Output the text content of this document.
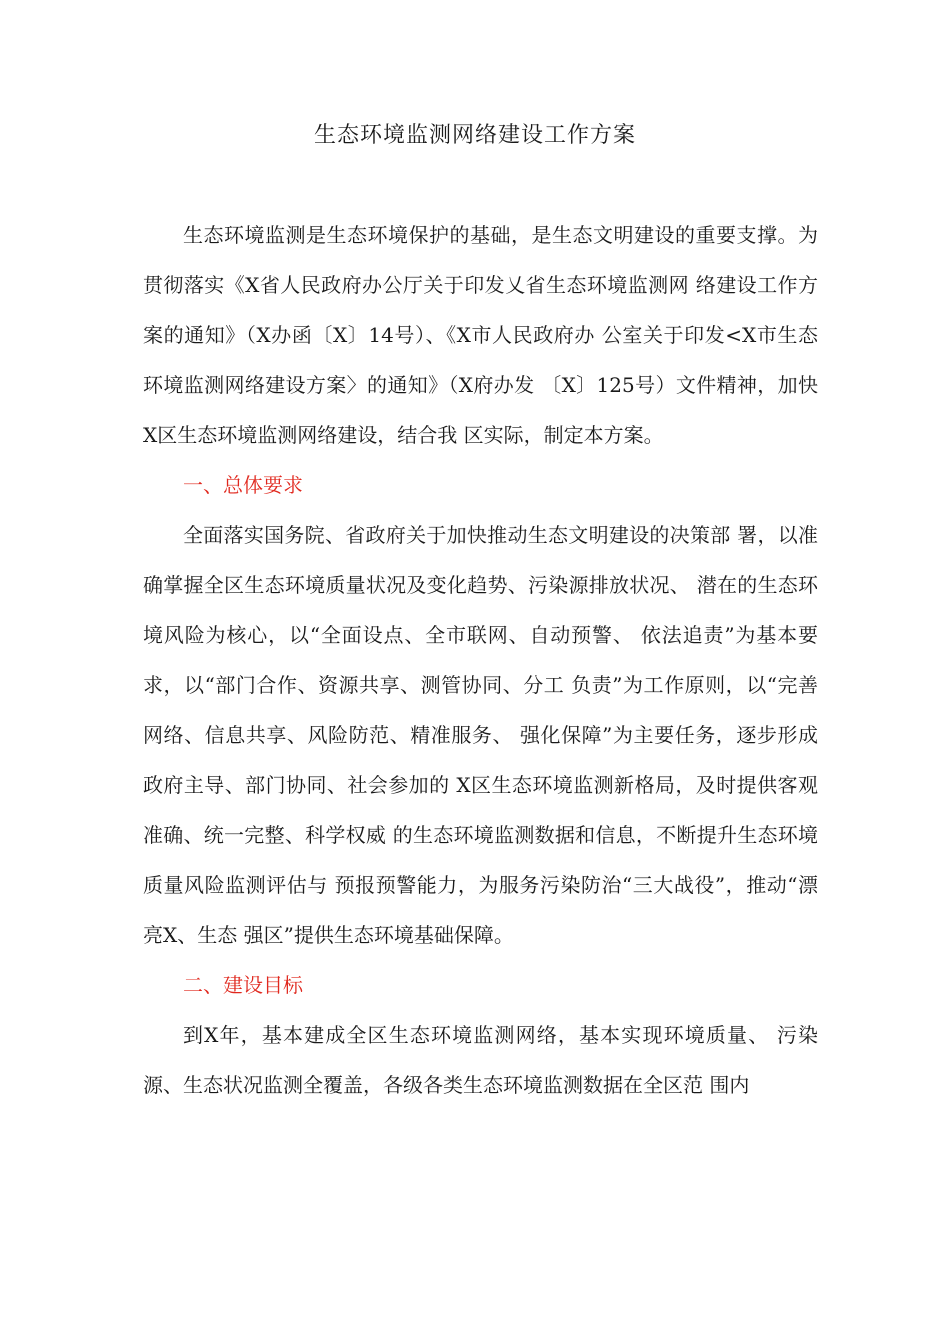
生态环境监测网络建设工作方案

生态环境监测是生态环境保护的基础，是生态文明建设的重要支撑。为贯彻落实《X省人民政府办公厅关于印发乂省生态环境监测网 络建设工作方案的通知》（X办函〔X〕14号）、《X市人民政府办 公室关于印发<X市生态环境监测网络建设方案〉的通知》（X府办发 〔X〕125号）文件精神，加快X区生态环境监测网络建设，结合我 区实际，制定本方案。

一、总体要求

全面落实国务院、省政府关于加快推动生态文明建设的决策部 署，以准确掌握全区生态环境质量状况及变化趋势、污染源排放状况、 潜在的生态环境风险为核心，以“全面设点、全市联网、自动预警、 依法追责”为基本要求，以“部门合作、资源共享、测管协同、分工 负责”为工作原则，以“完善网络、信息共享、风险防范、精准服务、 强化保障”为主要任务，逐步形成政府主导、部门协同、社会参加的 X区生态环境监测新格局，及时提供客观准确、统一完整、科学权威 的生态环境监测数据和信息，不断提升生态环境质量风险监测评估与 预报预警能力，为服务污染防治“三大战役”，推动“漂亮X、生态 强区”提供生态环境基础保障。

二、建设目标

到X年，基本建成全区生态环境监测网络，基本实现环境质量、 污染源、生态状况监测全覆盖，各级各类生态环境监测数据在全区范 围内
